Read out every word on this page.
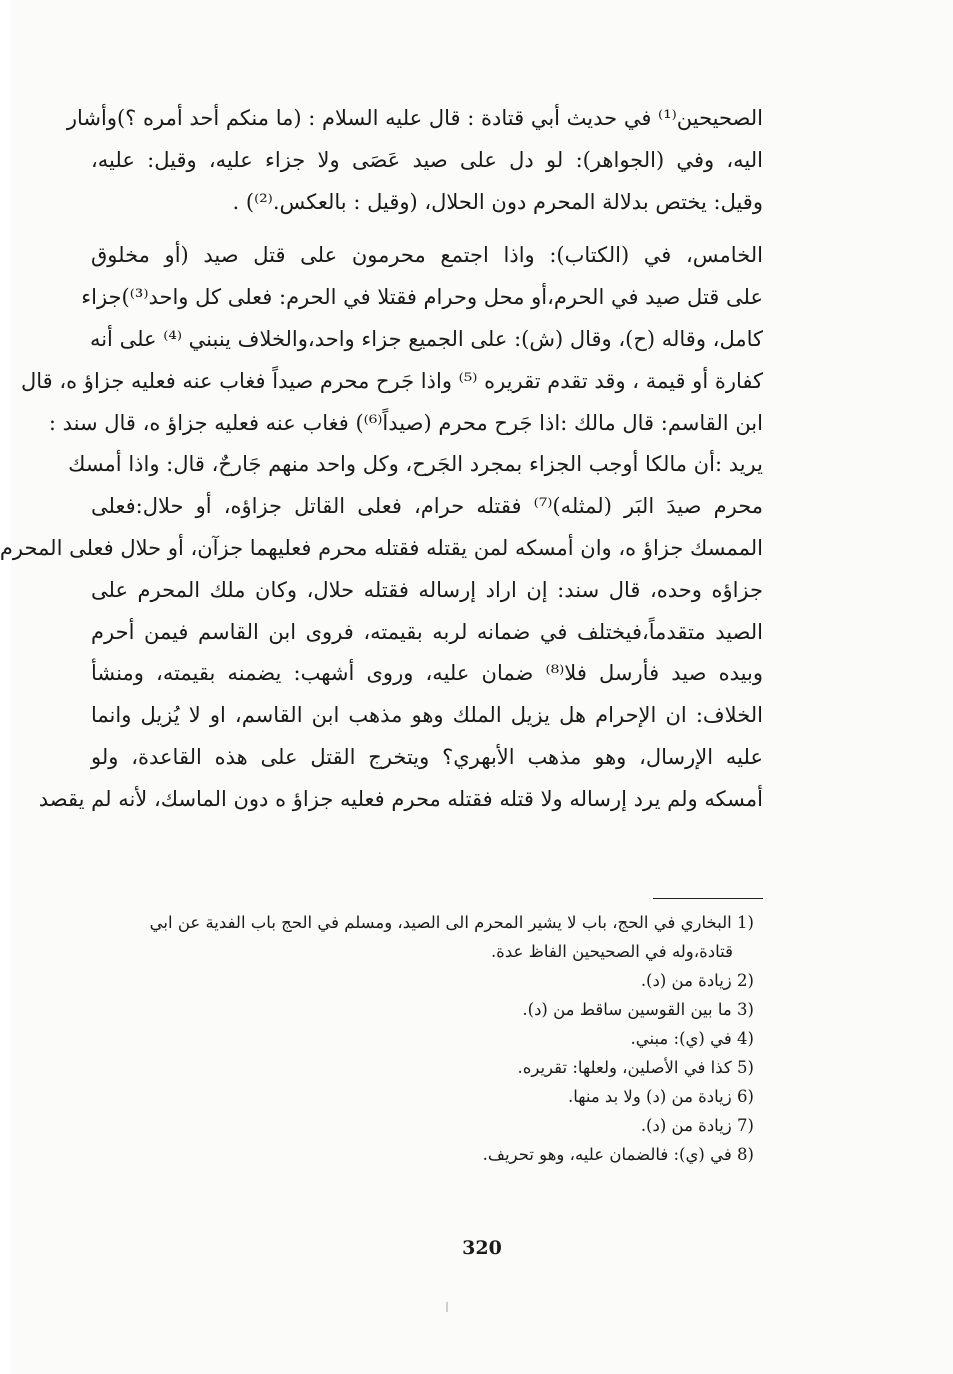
الصحيحين⁽¹⁾ في حديث أبي قتادة : قال عليه السلام : (ما منكم أحد أمره ؟)وأشار
اليه، وفي (الجواهر): لو دل على صيد عَصَى ولا جزاء عليه، وقيل: عليه،
وقيل: يختص بدلالة المحرم دون الحلال، (وقيل : بالعكس.⁽²⁾) .
الخامس، في (الكتاب): واذا اجتمع محرمون على قتل صيد (أو مخلوق
على قتل صيد في الحرم،أو محل وحرام فقتلا في الحرم: فعلى كل واحد⁽³⁾)جزاء
كامل، وقاله (ح)، وقال (ش): على الجميع جزاء واحد،والخلاف ينبني ⁽⁴⁾ على أنه
كفارة أو قيمة ، وقد تقدم تقريره ⁽⁵⁾ واذا جَرح محرم صيداً فغاب عنه فعليه جزاؤ ه، قال
ابن القاسم: قال مالك :اذا جَرح محرم (صيداً⁽⁶⁾) فغاب عنه فعليه جزاؤ ه، قال سند :
يريد :أن مالكا أوجب الجزاء بمجرد الجَرح، وكل واحد منهم جَارحٌ، قال: واذا أمسك
محرم صيدَ البَر (لمثله)⁽⁷⁾ فقتله حرام، فعلى القاتل جزاؤه، أو حلال:فعلى
الممسك جزاؤ ه، وان أمسكه لمن يقتله فقتله محرم فعليهما جزآن، أو حلال فعلى المحرم
جزاؤه وحده، قال سند: إن اراد إرساله فقتله حلال، وكان ملك المحرم على
الصيد متقدماً،فيختلف في ضمانه لربه بقيمته، فروى ابن القاسم فيمن أحرم
وبيده صيد فأرسل فلا⁽⁸⁾ ضمان عليه، وروى أشهب: يضمنه بقيمته، ومنشأ
الخلاف: ان الإحرام هل يزيل الملك وهو مذهب ابن القاسم، او لا يُزيل وانما
عليه الإرسال، وهو مذهب الأبهري؟ ويتخرج القتل على هذه القاعدة، ولو
أمسكه ولم يرد إرساله ولا قتله فقتله محرم فعليه جزاؤ ه دون الماسك، لأنه لم يقصد
1) البخاري في الحج، باب لا يشير المحرم الى الصيد، ومسلم في الحج باب الفدية عن ابي
قتادة،وله في الصحيحين الفاظ عدة.
2) زيادة من (د).
3) ما بين القوسين ساقط من (د).
4) في (ي): مبني.
5) كذا في الأصلين، ولعلها: تقريره.
6) زيادة من (د) ولا بد منها.
7) زيادة من (د).
8) في (ي): فالضمان عليه، وهو تحريف.
320
